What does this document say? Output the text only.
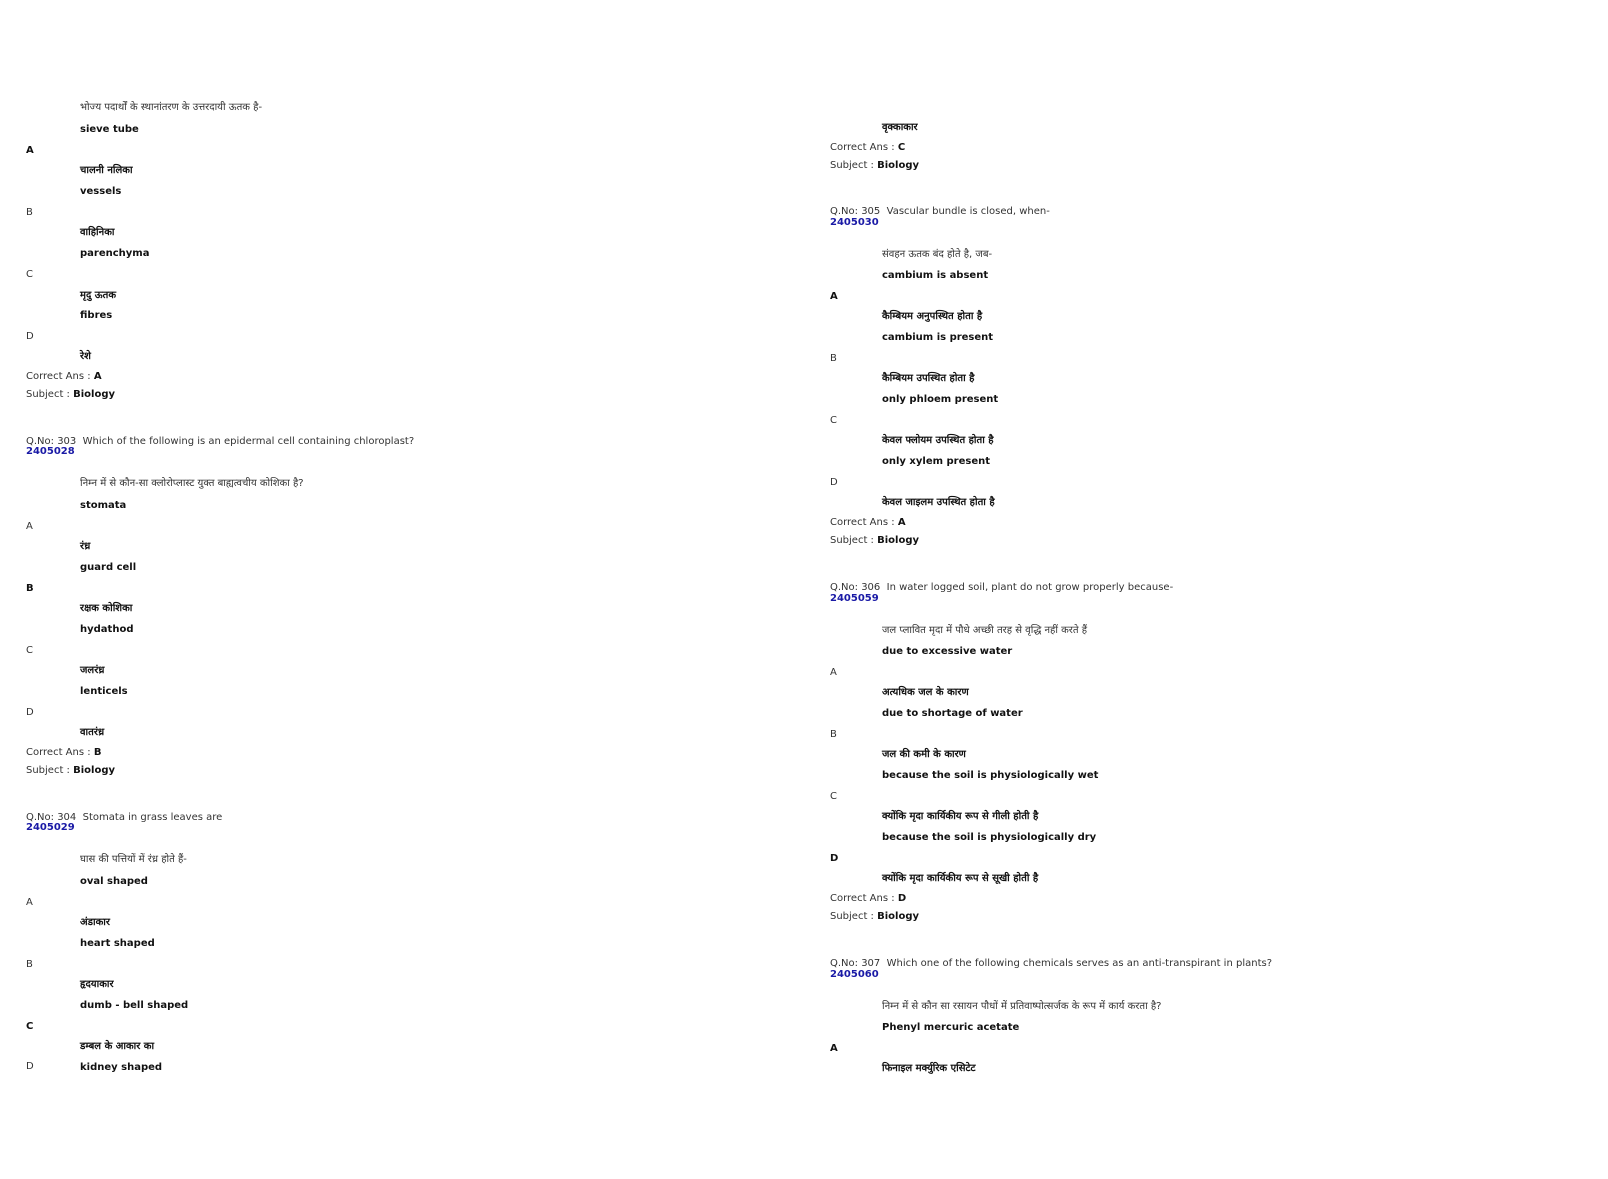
भोज्य पदार्थों के स्थानांतरण के उत्तरदायी ऊतक है-
sieve tube
A
चालनी नलिका
vessels
B
वाहिनिका
parenchyma
C
मृदु ऊतक
fibres
D
रेशे
Correct Ans : A
Subject : Biology
Q.No: 303 Which of the following is an epidermal cell containing chloroplast?
2405028
निम्न में से कौन-सा क्लोरोप्लास्ट युक्त बाह्यत्वचीय कोशिका है?
stomata
A
रंध्र
guard cell
B
रक्षक कोशिका
hydathod
C
जलरंध्र
lenticels
D
वातरंध्र
Correct Ans : B
Subject : Biology
Q.No: 304 Stomata in grass leaves are
2405029
घास की पत्तियों में रंध्र होते हैं-
oval shaped
A
अंडाकार
heart shaped
B
हृदयाकार
dumb - bell shaped
C
डम्बल के आकार का
D	kidney shaped
वृक्काकार
Correct Ans : C
Subject : Biology
Q.No: 305 Vascular bundle is closed, when-
2405030
संवहन ऊतक बंद होते है, जब-
cambium is absent
A
कैम्बियम अनुपस्थित होता है
cambium is present
B
कैम्बियम उपस्थित होता है
only phloem present
C
केवल फ्लोयम उपस्थित होता है
only xylem present
D
केवल जाइलम उपस्थित होता है
Correct Ans : A
Subject : Biology
Q.No: 306 In water logged soil, plant do not grow properly because-
2405059
जल प्लावित मृदा में पौधे अच्छी तरह से वृद्धि नहीं करते हैं
due to excessive water
A
अत्यधिक जल के कारण
due to shortage of water
B
जल की कमी के कारण
because the soil is physiologically wet
C
क्योंकि मृदा कार्यिकीय रूप से गीली होती है
because the soil is physiologically dry
D
क्योंकि मृदा कार्यिकीय रूप से सूखी होती है
Correct Ans : D
Subject : Biology
Q.No: 307 Which one of the following chemicals serves as an anti-transpirant in plants?
2405060
निम्न में से कौन सा रसायन पौधों में प्रतिवाष्पोत्सर्जक के रूप में कार्य करता है?
Phenyl mercuric acetate
A
फिनाइल मर्क्युरिक एसिटेट
